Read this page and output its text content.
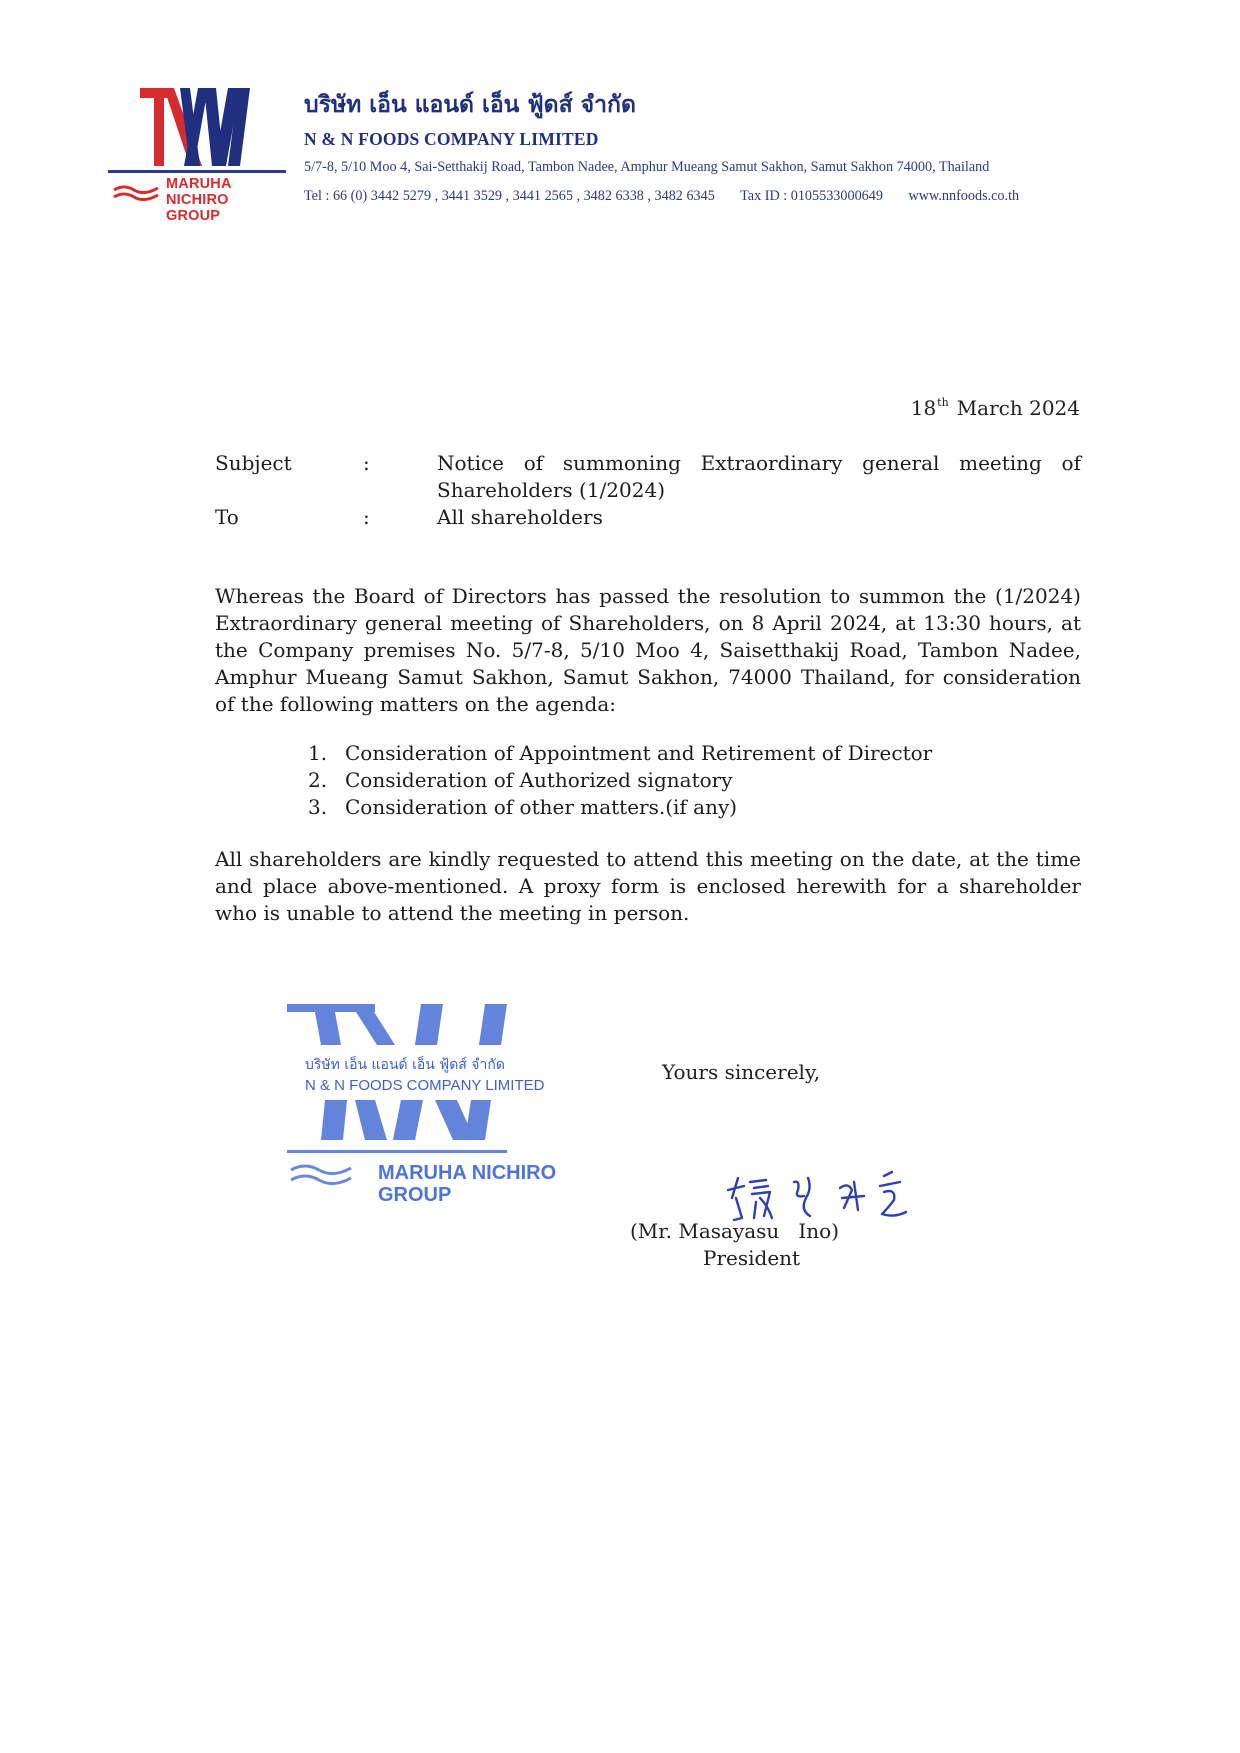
MARUHA NICHIRO
GROUP
บริษัท เอ็น แอนด์ เอ็น ฟู้ดส์ จำกัด
N & N FOODS COMPANY LIMITED
5/7-8, 5/10 Moo 4, Sai-Setthakij Road, Tambon Nadee, Amphur Mueang Samut Sakhon, Samut Sakhon 74000, Thailand
Tel : 66 (0) 3442 5279 , 3441 3529 , 3441 2565 , 3482 6338 , 3482 6345 Tax ID : 0105533000649 www.nnfoods.co.th
18th March 2024
Subject	:	Notice of summoning Extraordinary general meeting of Shareholders (1/2024)
To	:	All shareholders
Whereas the Board of Directors has passed the resolution to summon the (1/2024) Extraordinary general meeting of Shareholders, on 8 April 2024, at 13:30 hours, at the Company premises No. 5/7-8, 5/10 Moo 4, Saisetthakij Road, Tambon Nadee, Amphur Mueang Samut Sakhon, Samut Sakhon, 74000 Thailand, for consideration of the following matters on the agenda:
1. Consideration of Appointment and Retirement of Director
2. Consideration of Authorized signatory
3. Consideration of other matters.(if any)
All shareholders are kindly requested to attend this meeting on the date, at the time and place above-mentioned. A proxy form is enclosed herewith for a shareholder who is unable to attend the meeting in person.
บริษัท เอ็น แอนด์ เอ็น ฟู้ดส์ จำกัด
N & N FOODS COMPANY LIMITED
MARUHA NICHIRO
GROUP
Yours sincerely,
(Mr. Masayasu   Ino)
President
